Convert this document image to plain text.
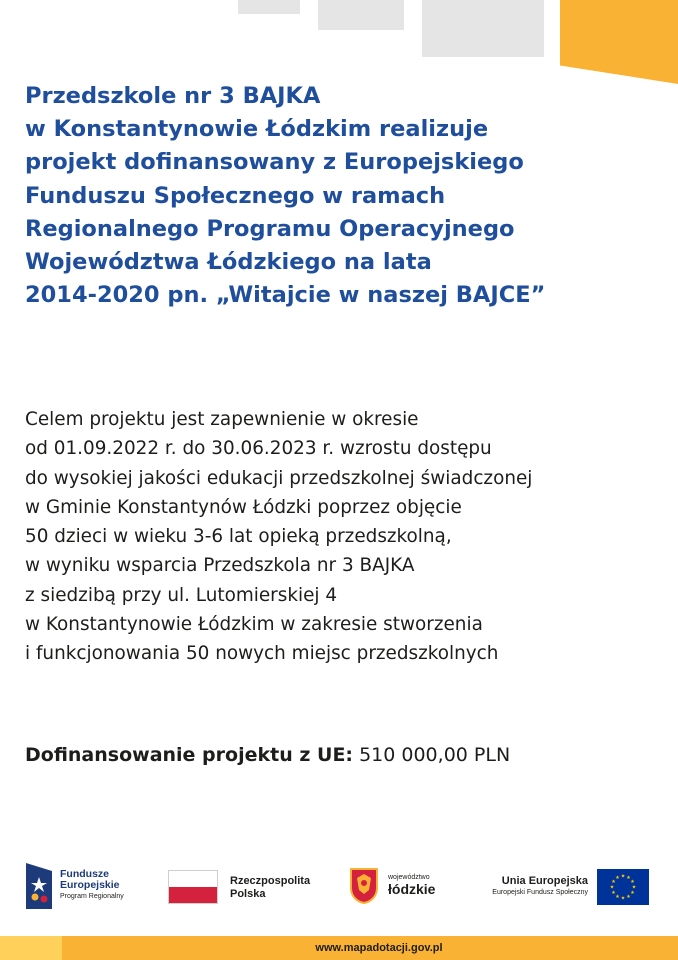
Przedszkole nr 3 BAJKA
w Konstantynowie Łódzkim realizuje
projekt dofinansowany z Europejskiego
Funduszu Społecznego w ramach
Regionalnego Programu Operacyjnego
Województwa Łódzkiego na lata
2014-2020 pn. „Witajcie w naszej BAJCE”

Celem projektu jest zapewnienie w okresie
od 01.09.2022 r. do 30.06.2023 r. wzrostu dostępu
do wysokiej jakości edukacji przedszkolnej świadczonej
w Gminie Konstantynów Łódzki poprzez objęcie
50 dzieci w wieku 3-6 lat opieką przedszkolną,
w wyniku wsparcia Przedszkola nr 3 BAJKA
z siedzibą przy ul. Lutomierskiej 4
w Konstantynowie Łódzkim w zakresie stworzenia
i funkcjonowania 50 nowych miejsc przedszkolnych

Dofinansowanie projektu z UE: 510 000,00 PLN
Fundusze
Europejskie
Program Regionalny
Rzeczpospolita
Polska
województwo
łódzkie	Unia Europejska
Europejski Fundusz Społeczny
★ ★
★
★
★
★
★
★
★
★
★
★
www.mapadotacji.gov.pl
